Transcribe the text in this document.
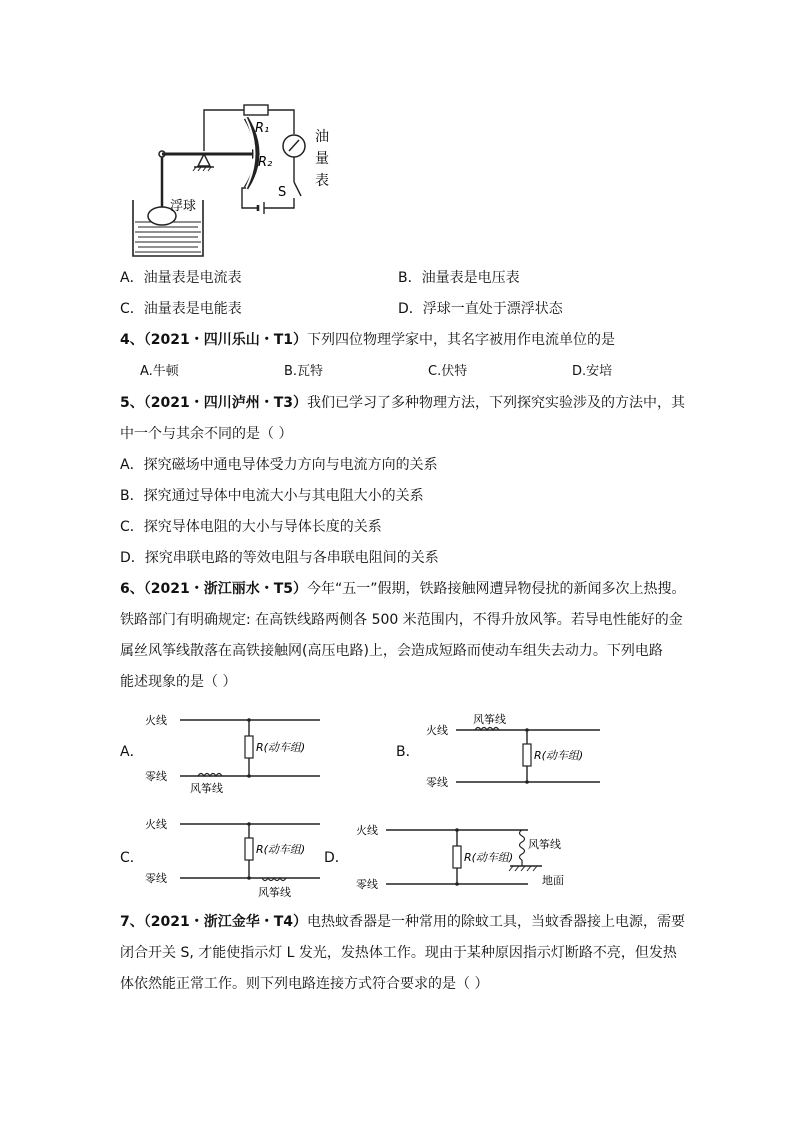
R₁
R₂
油
量
表
S
浮球
A．油量表是电流表	B．油量表是电压表
C．油量表是电能表	D．浮球一直处于漂浮状态
4、（2021・四川乐山・T1）下列四位物理学家中，其名字被用作电流单位的是
A.牛顿	B.瓦特	C.伏特	D.安培
5、（2021・四川泸州・T3）我们已学习了多种物理方法，下列探究实验涉及的方法中，其
中一个与其余不同的是（ ）
A．探究磁场中通电导体受力方向与电流方向的关系
B．探究通过导体中电流大小与其电阻大小的关系
C．探究导体电阻的大小与导体长度的关系
D．探究串联电路的等效电阻与各串联电阻间的关系
6、（2021・浙江丽水・T5）今年“五一”假期，铁路接触网遭异物侵扰的新闻多次上热搜。
铁路部门有明确规定: 在高铁线路两侧各 500 米范围内，不得升放风筝。若导电性能好的金
属丝风筝线散落在高铁接触网(高压电路)上，会造成短路而使动车组失去动力。下列电路
能述现象的是（ ）
A．
火线
零线
R(动车组)
风筝线
B．
风筝线
火线
零线
R(动车组)
C．
火线
零线
R(动车组)
风筝线
D．
火线
零线
R(动车组)
风筝线
地面
7、（2021・浙江金华・T4）电热蚊香器是一种常用的除蚊工具，当蚊香器接上电源，需要
闭合开关 S, 才能使指示灯 L 发光，发热体工作。现由于某种原因指示灯断路不亮，但发热
体依然能正常工作。则下列电路连接方式符合要求的是（ ）
